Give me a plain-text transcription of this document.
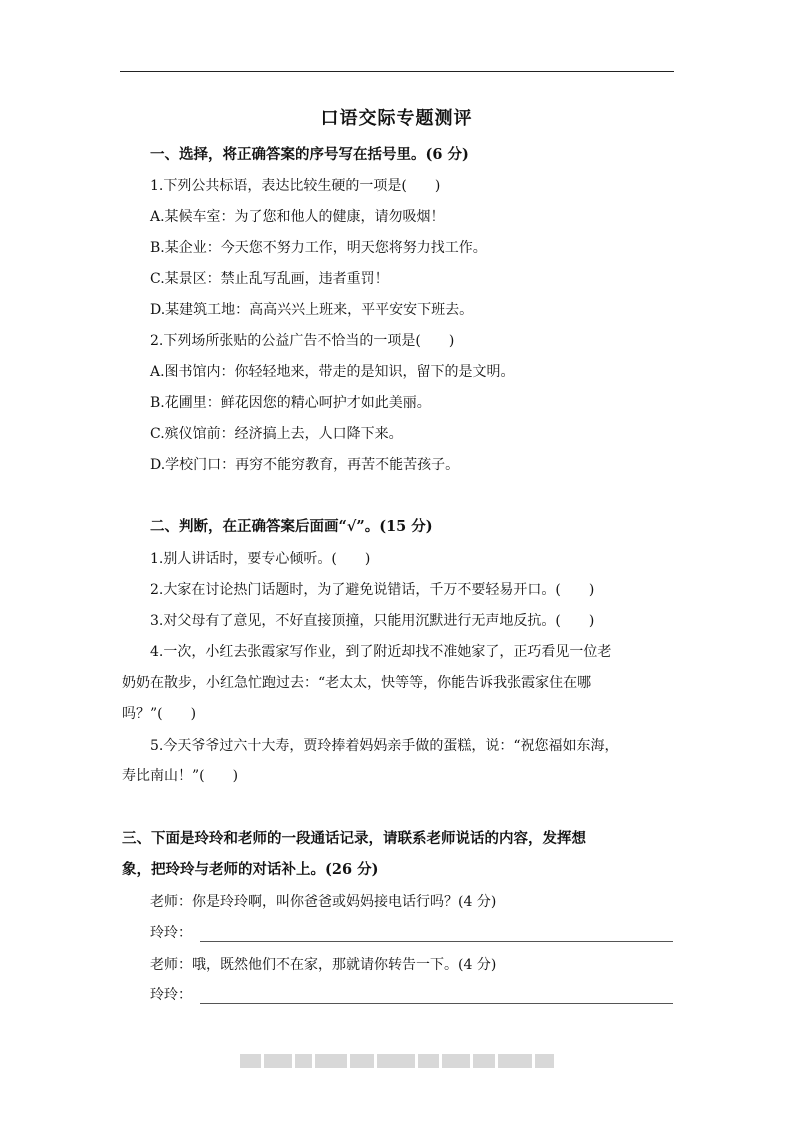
口语交际专题测评
一、选择，将正确答案的序号写在括号里。(6 分)
1.下列公共标语，表达比较生硬的一项是(　　)
A.某候车室：为了您和他人的健康，请勿吸烟！
B.某企业：今天您不努力工作，明天您将努力找工作。
C.某景区：禁止乱写乱画，违者重罚！
D.某建筑工地：高高兴兴上班来，平平安安下班去。
2.下列场所张贴的公益广告不恰当的一项是(　　)
A.图书馆内：你轻轻地来，带走的是知识，留下的是文明。
B.花圃里：鲜花因您的精心呵护才如此美丽。
C.殡仪馆前：经济搞上去，人口降下来。
D.学校门口：再穷不能穷教育，再苦不能苦孩子。
二、判断，在正确答案后面画“√”。(15 分)
1.别人讲话时，要专心倾听。(　　)
2.大家在讨论热门话题时，为了避免说错话，千万不要轻易开口。(　　)
3.对父母有了意见，不好直接顶撞，只能用沉默进行无声地反抗。(　　)
4.一次，小红去张霞家写作业，到了附近却找不准她家了，正巧看见一位老
奶奶在散步，小红急忙跑过去：“老太太，快等等，你能告诉我张霞家住在哪
吗？”(　　)
5.今天爷爷过六十大寿，贾玲捧着妈妈亲手做的蛋糕，说：“祝您福如东海，
寿比南山！”(　　)
三、下面是玲玲和老师的一段通话记录，请联系老师说话的内容，发挥想
象，把玲玲与老师的对话补上。(26 分)
老师：你是玲玲啊，叫你爸爸或妈妈接电话行吗？(4 分)
玲玲：
老师：哦，既然他们不在家，那就请你转告一下。(4 分)
玲玲：
